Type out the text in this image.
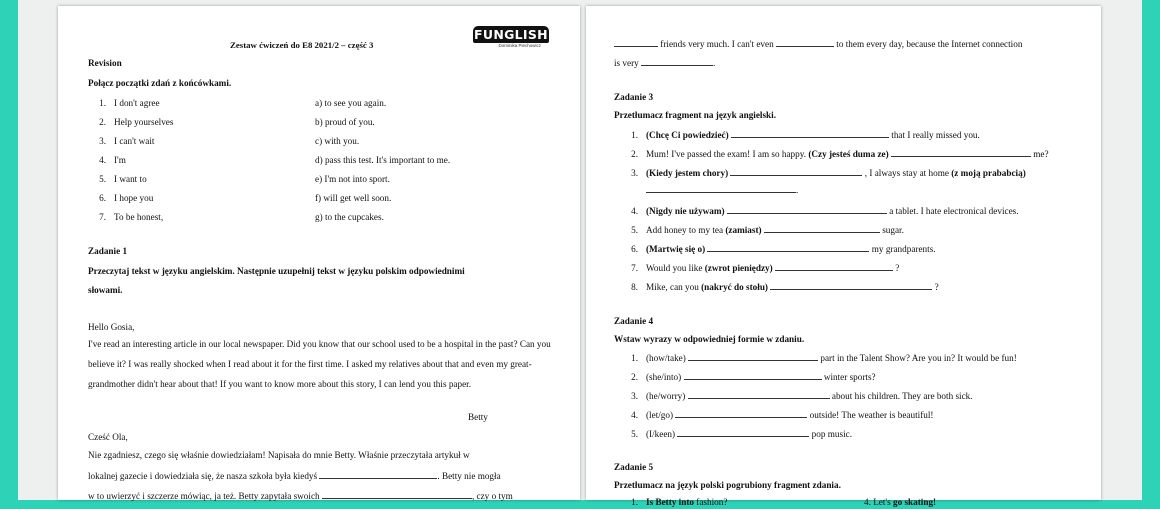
Zestaw ćwiczeń do E8 2021/2 – część 3
FUNGLISH
Dominika Piechowicz
Revision
Połącz początki zdań z końcówkami.
1. I don't agree	a) to see you again.
2. Help yourselves	b) proud of you.
3. I can't wait	c) with you.
4. I'm	d) pass this test. It's important to me.
5. I want to	e) I'm not into sport.
6. I hope you	f) will get well soon.
7. To be honest,	g) to the cupcakes.
Zadanie 1
Przeczytaj tekst w języku angielskim. Następnie uzupełnij tekst w języku polskim odpowiednimi
słowami.
Hello Gosia,
I've read an interesting article in our local newspaper. Did you know that our school used to be a hospital in the past? Can you believe it? I was really shocked when I read about it for the first time. I asked my relatives about that and even my great-grandmother didn't hear about that! If you want to know more about this story, I can lend you this paper.
Betty
Cześć Ola,
Nie zgadniesz, czego się właśnie dowiedziałam! Napisała do mnie Betty. Właśnie przeczytała artykuł w
lokalnej gazecie i dowiedziała się, że nasza szkoła była kiedyś	. Betty nie mogła
w to uwierzyć i szczerze mówiąc, ja też. Betty zapytała swoich	, czy o tym
friends very much. I can't even	to them every day, because the Internet connection
is very	.
Zadanie 3
Przetłumacz fragment na język angielski.
1. (Chcę Ci powiedzieć)	that I really missed you.
2. Mum! I've passed the exam! I am so happy. (Czy jesteś duma ze)	me?
3. (Kiedy jestem chory)	, I always stay at home (z moją prababcią)
.
4. (Nigdy nie używam)	a tablet. I hate electronical devices.
5. Add honey to my tea (zamiast)	sugar.
6. (Martwię się o)	my grandparents.
7. Would you like (zwrot pieniędzy)	?
8. Mike, can you (nakryć do stołu)	?
Zadanie 4
Wstaw wyrazy w odpowiedniej formie w zdaniu.
1. (how/take)	part in the Talent Show? Are you in? It would be fun!
2. (she/into)	winter sports?
3. (he/worry)	about his children. They are both sick.
4. (let/go)	outside! The weather is beautiful!
5. (I/keen)	pop music.
Zadanie 5
Przetłumacz na język polski pogrubiony fragment zdania.
1. Is Betty into fashion?	4. Let's go skating!
